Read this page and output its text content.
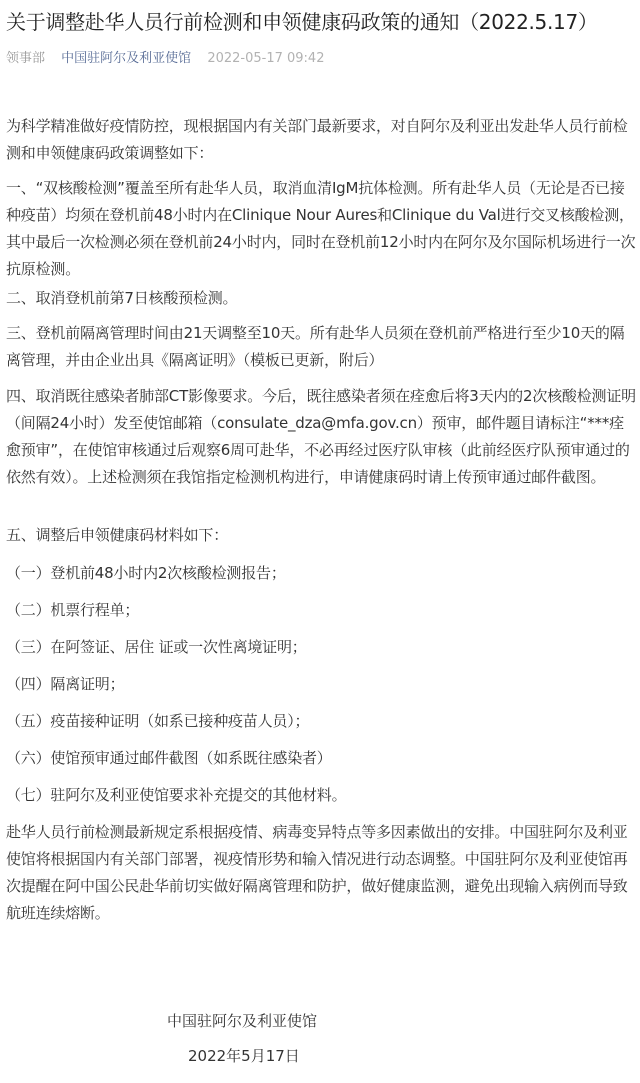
关于调整赴华人员行前检测和申领健康码政策的通知（2022.5.17）
领事部 中国驻阿尔及利亚使馆 2022-05-17 09:42
为科学精准做好疫情防控，现根据国内有关部门最新要求，对自阿尔及利亚出发赴华人员行前检测和申领健康码政策调整如下：
一、“双核酸检测”覆盖至所有赴华人员，取消血清IgM抗体检测。所有赴华人员（无论是否已接种疫苗）均须在登机前48小时内在Clinique Nour Aures和Clinique du Val进行交叉核酸检测，其中最后一次检测必须在登机前24小时内，同时在登机前12小时内在阿尔及尔国际机场进行一次抗原检测。
二、取消登机前第7日核酸预检测。
三、登机前隔离管理时间由21天调整至10天。所有赴华人员须在登机前严格进行至少10天的隔离管理，并由企业出具《隔离证明》（模板已更新，附后）
四、取消既往感染者肺部CT影像要求。今后，既往感染者须在痊愈后将3天内的2次核酸检测证明（间隔24小时）发至使馆邮箱（consulate_dza@mfa.gov.cn）预审，邮件题目请标注“***痊愈预审”，在使馆审核通过后观察6周可赴华，不必再经过医疗队审核（此前经医疗队预审通过的依然有效）。上述检测须在我馆指定检测机构进行，申请健康码时请上传预审通过邮件截图。
五、调整后申领健康码材料如下：
（一）登机前48小时内2次核酸检测报告；
（二）机票行程单；
（三）在阿签证、居住 证或一次性离境证明；
（四）隔离证明；
（五）疫苗接种证明（如系已接种疫苗人员）；
（六）使馆预审通过邮件截图（如系既往感染者）
（七）驻阿尔及利亚使馆要求补充提交的其他材料。
赴华人员行前检测最新规定系根据疫情、病毒变异特点等多因素做出的安排。中国驻阿尔及利亚使馆将根据国内有关部门部署，视疫情形势和输入情况进行动态调整。中国驻阿尔及利亚使馆再次提醒在阿中国公民赴华前切实做好隔离管理和防护，做好健康监测，避免出现输入病例而导致航班连续熔断。
中国驻阿尔及利亚使馆
2022年5月17日
